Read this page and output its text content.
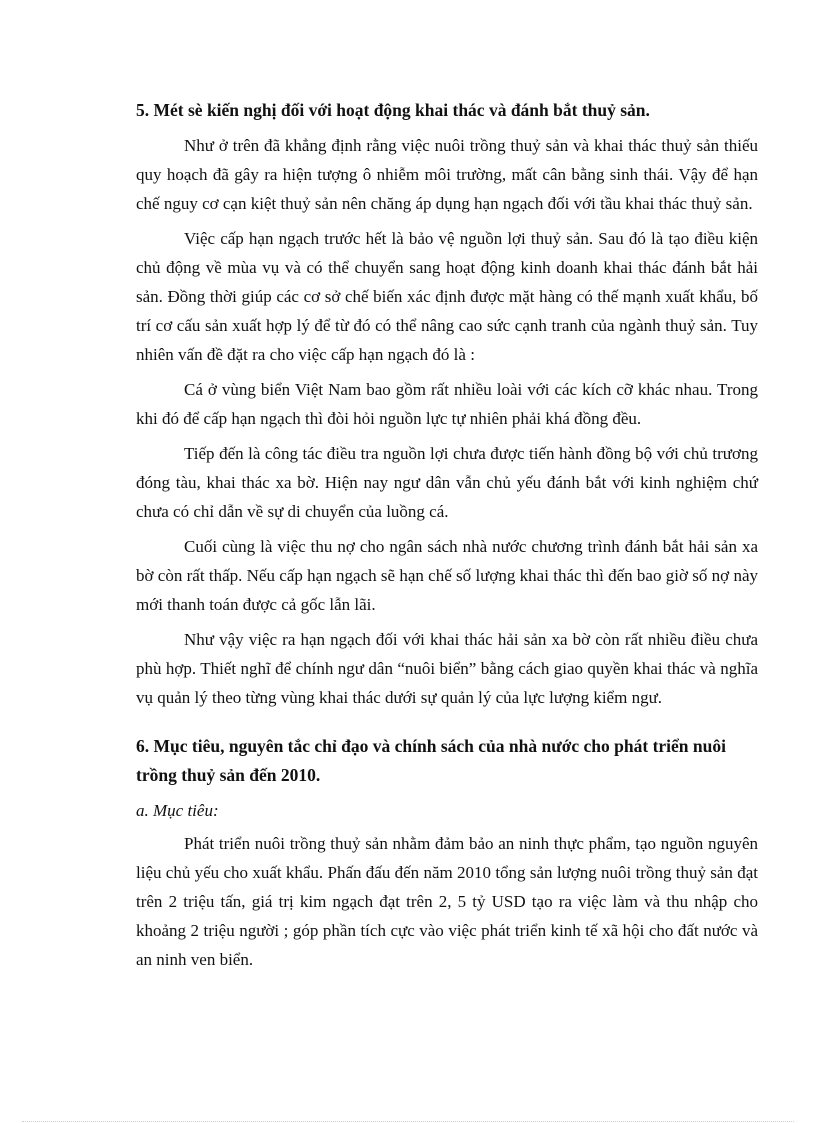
5. Mét sè kiến nghị đối với hoạt động khai thác và đánh bắt thuỷ sản.

Như ở trên đã khẳng định rằng việc nuôi trồng thuỷ sản và khai thác thuỷ sản thiếu quy hoạch đã gây ra hiện tượng ô nhiễm môi trường, mất cân bằng sinh thái. Vậy để hạn chế nguy cơ cạn kiệt thuỷ sản nên chăng áp dụng hạn ngạch đối với tầu khai thác thuỷ sản.

Việc cấp hạn ngạch trước hết là bảo vệ nguồn lợi thuỷ sản. Sau đó là tạo điều kiện chủ động về mùa vụ và có thể chuyển sang hoạt động kinh doanh khai thác đánh bắt hải sản. Đồng thời giúp các cơ sở chế biến xác định được mặt hàng có thế mạnh xuất khẩu, bố trí cơ cấu sản xuất hợp lý để từ đó có thể nâng cao sức cạnh tranh của ngành thuỷ sản. Tuy nhiên vấn đề đặt ra cho việc cấp hạn ngạch đó là :

Cá ở vùng biển Việt Nam bao gồm rất nhiều loài với các kích cỡ khác nhau. Trong khi đó để cấp hạn ngạch thì đòi hỏi nguồn lực tự nhiên phải khá đồng đều.

Tiếp đến là công tác điều tra nguồn lợi chưa được tiến hành đồng bộ với chủ trương đóng tàu, khai thác xa bờ. Hiện nay ngư dân vẫn chủ yếu đánh bắt với kinh nghiệm chứ chưa có chỉ dẫn về sự di chuyển của luồng cá.

Cuối cùng là việc thu nợ cho ngân sách nhà nước chương trình đánh bắt hải sản xa bờ còn rất thấp. Nếu cấp hạn ngạch sẽ hạn chế số lượng khai thác thì đến bao giờ số nợ này mới thanh toán được cả gốc lẫn lãi.

Như vậy việc ra hạn ngạch đối với khai thác hải sản xa bờ còn rất nhiều điều chưa phù hợp. Thiết nghĩ để chính ngư dân “nuôi biển” bằng cách giao quyền khai thác và nghĩa vụ quản lý theo từng vùng khai thác dưới sự quản lý của lực lượng kiểm ngư.

6. Mục tiêu, nguyên tắc chỉ đạo và chính sách của nhà nước cho phát triển nuôi trồng thuỷ sản đến 2010.
a. Mục tiêu:

Phát triển nuôi trồng thuỷ sản nhằm đảm bảo an ninh thực phẩm, tạo nguồn nguyên liệu chủ yếu cho xuất khẩu. Phấn đấu đến năm 2010 tổng sản lượng nuôi trồng thuỷ sản đạt trên 2 triệu tấn, giá trị kim ngạch đạt trên 2, 5 tỷ USD tạo ra việc làm và thu nhập cho khoảng 2 triệu người ; góp phần tích cực vào việc phát triển kinh tế xã hội cho đất nước và an ninh ven biển.
